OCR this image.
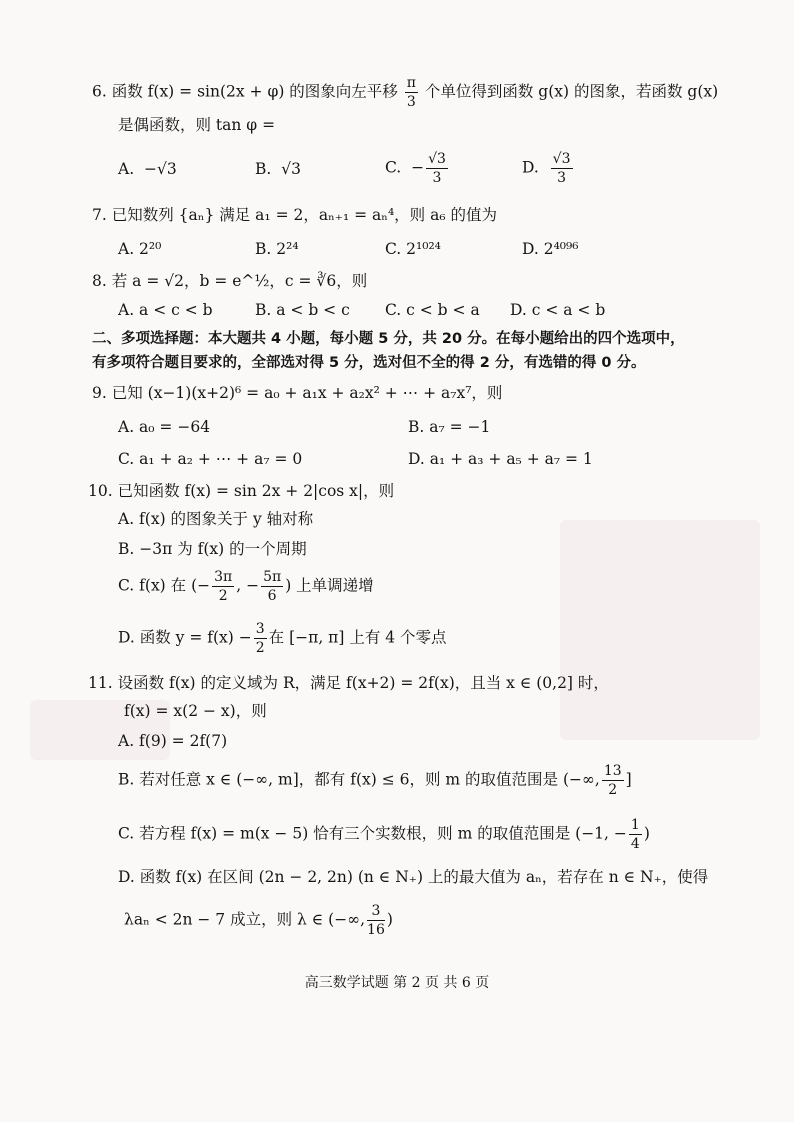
6. 函数 f(x) = sin(2x + φ) 的图象向左平移 $\frac{\pi}{3}$ 个单位得到函数 g(x) 的图象，若函数 g(x)
是偶函数，则 tan φ =
A. −√3	B. √3	C. − $\frac{√3}{3}$	D. $\frac{√3}{3}$
7. 已知数列 {aₙ} 满足 a₁ = 2，aₙ₊₁ = aₙ⁴，则 a₆ 的值为
A. 2²⁰	B. 2²⁴	C. 2¹⁰²⁴	D. 2⁴⁰⁹⁶
8. 若 a = √2，b = e^½，c = ∛6，则
A. a < c < b	B. a < b < c C. c < b < a D. c < a < b
二、多项选择题：本大题共 4 小题，每小题 5 分，共 20 分。在每小题给出的四个选项中，
有多项符合题目要求的，全部选对得 5 分，选对但不全的得 2 分，有选错的得 0 分。
9. 已知 (x−1)(x+2)⁶ = a₀ + a₁x + a₂x² + ⋯ + a₇x⁷，则
A. a₀ = −64	B. a₇ = −1
C. a₁ + a₂ + ⋯ + a₇ = 0	D. a₁ + a₃ + a₅ + a₇ = 1
10. 已知函数 f(x) = sin 2x + 2|cos x|，则
A. f(x) 的图象关于 y 轴对称
B. −3π 为 f(x) 的一个周期
C. f(x) 在 (− $\frac{3\pi}{2}$ , − $\frac{5\pi}{6}$ ) 上单调递增
D. 函数 $y = f(x) - \frac{3}{2}$ 在 [−π, π] 上有 4 个零点
11. 设函数 f(x) 的定义域为 R，满足 f(x+2) = 2f(x)，且当 x ∈ (0,2] 时，
f(x) = x(2 − x)，则
A. f(9) = 2f(7)
B. 若对任意 x ∈ (−∞, m]，都有 f(x) ≤ 6，则 m 的取值范围是 (−∞, $\frac{13}{2}$ ]
C. 若方程 f(x) = m(x − 5) 恰有三个实数根，则 m 的取值范围是 (−1, − $\frac{1}{4}$ )
D. 函数 f(x) 在区间 (2n − 2, 2n) (n ∈ N₊) 上的最大值为 aₙ，若存在 n ∈ N₊，使得
λaₙ < 2n − 7 成立，则 λ ∈ (−∞, $\frac{3}{16}$ )
高三数学试题 第 2 页 共 6 页
